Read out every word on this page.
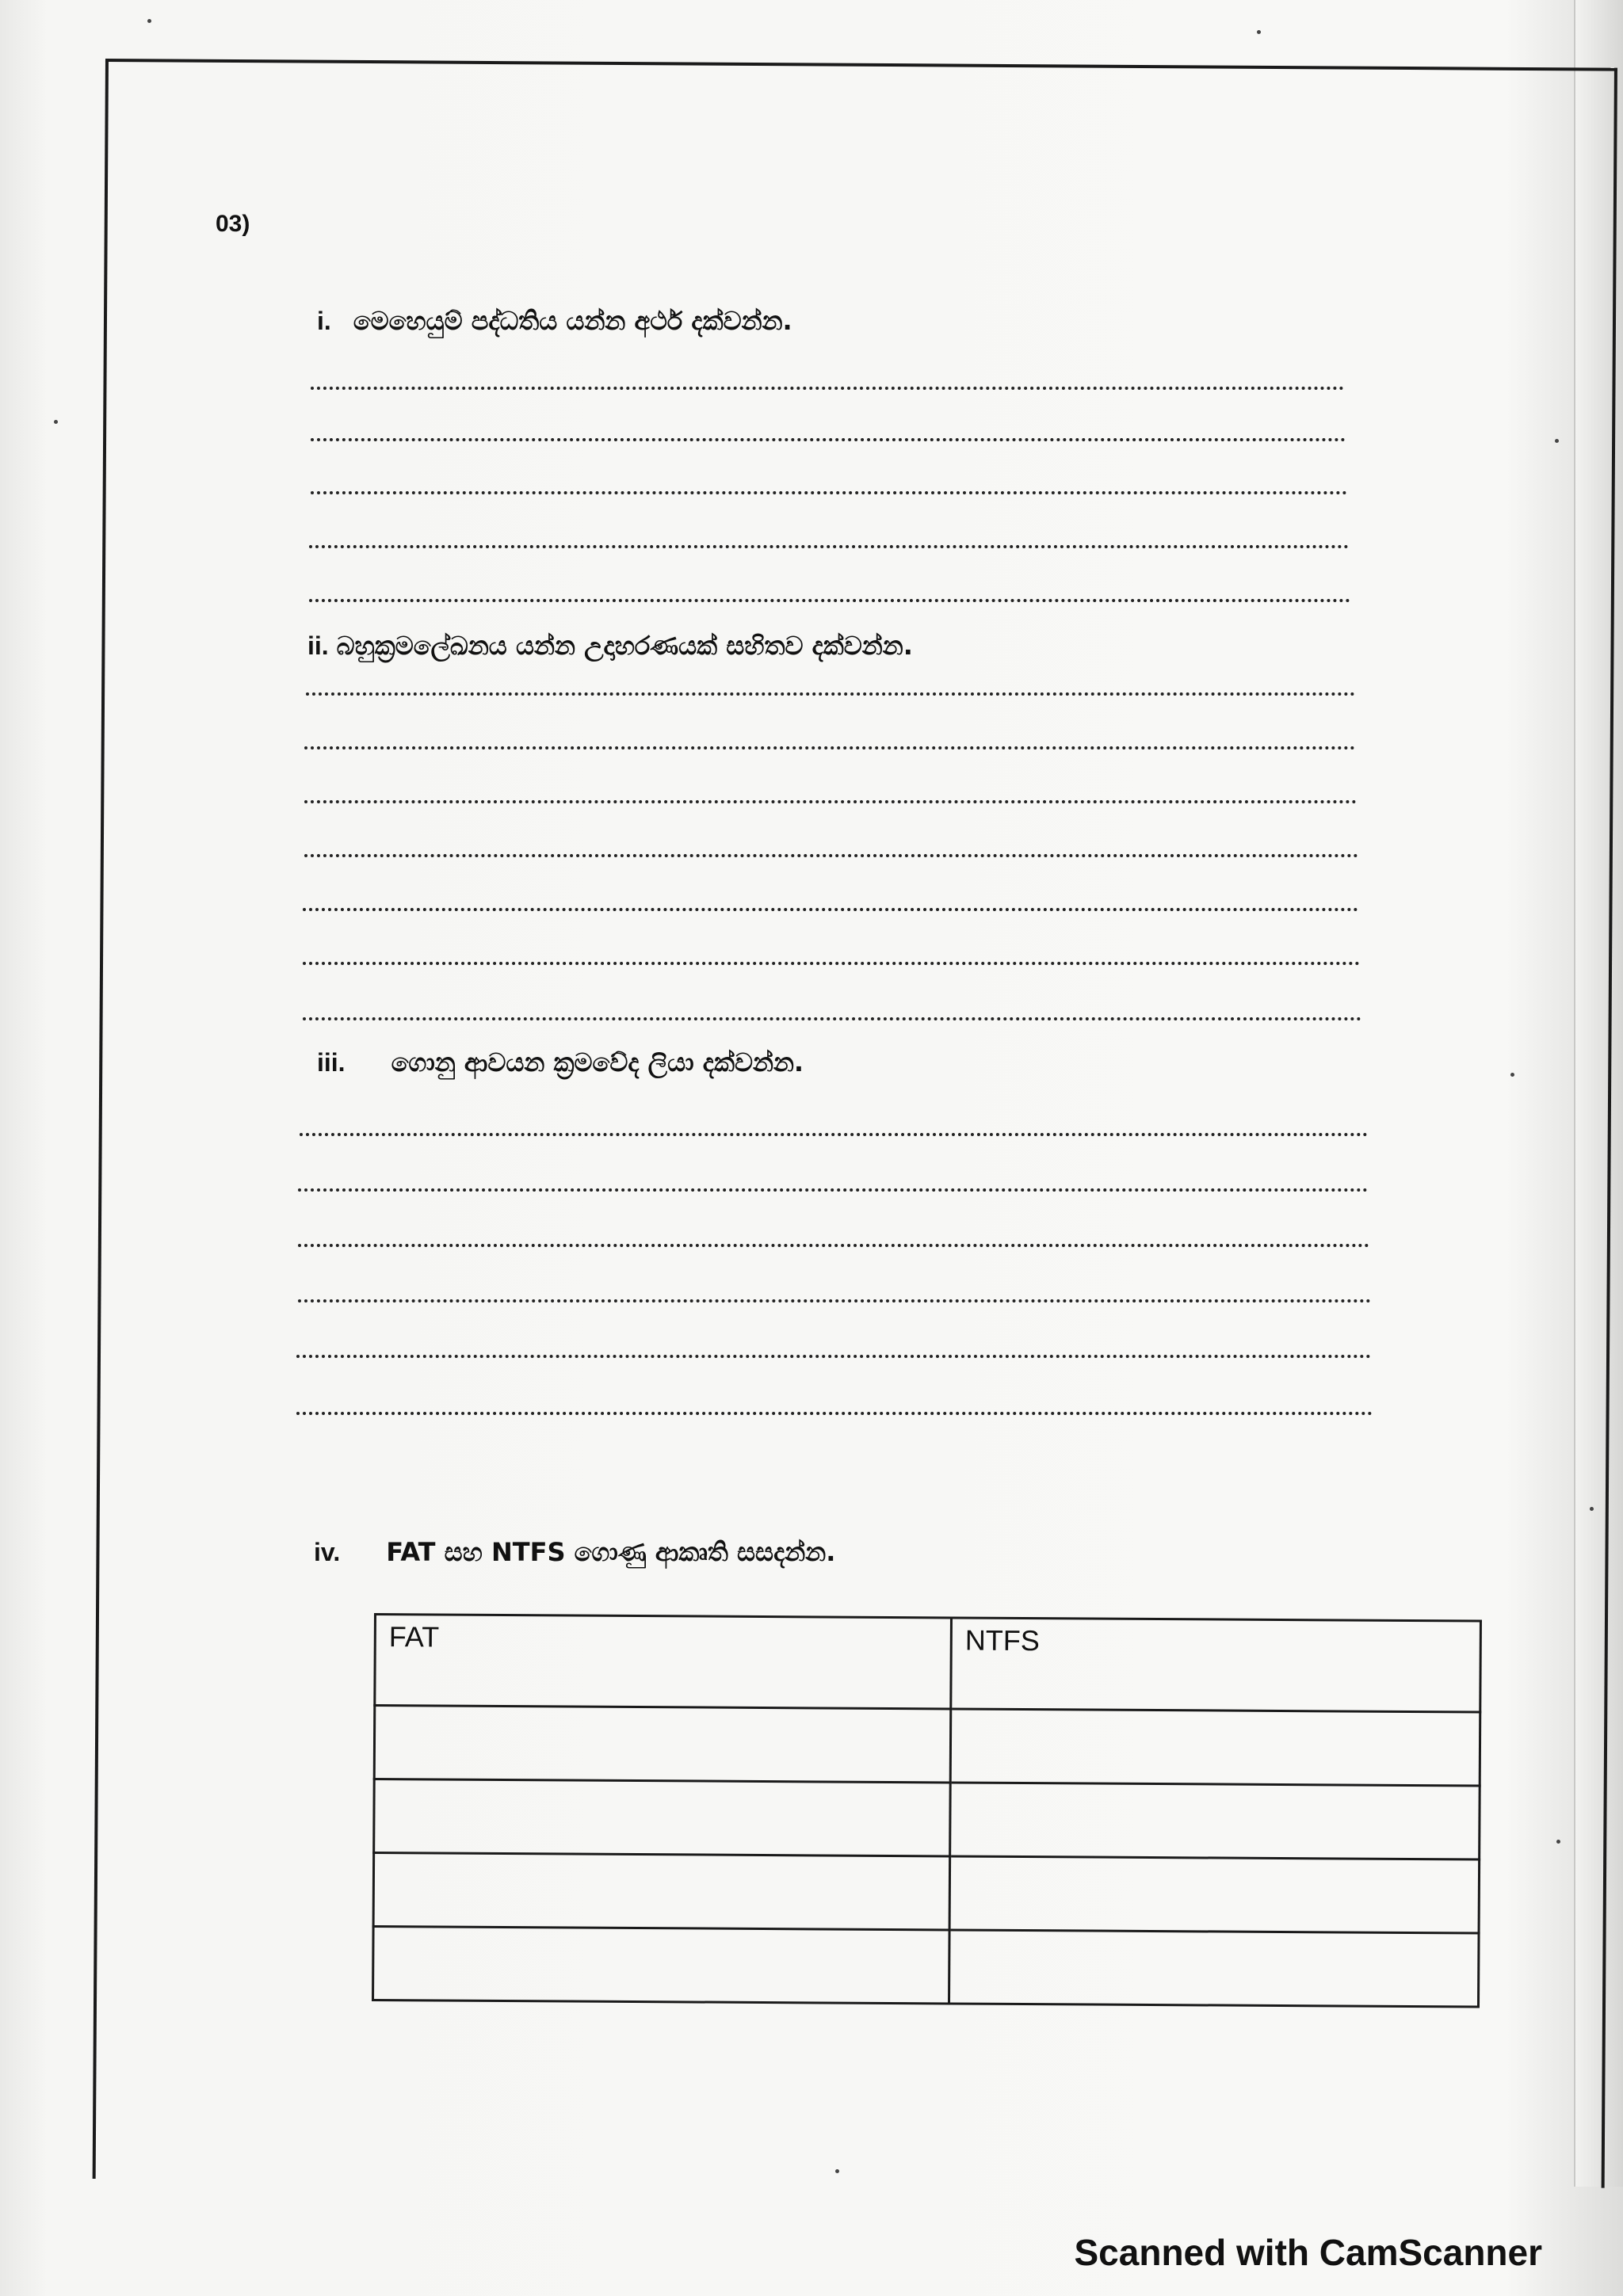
03)
i. මෙහෙයුම් පද්ධතිය යන්න අර්ථ දක්වන්න.
ii. බහුක්‍රමලේඛනය යන්න උදාහරණයක් සහිතව දක්වන්න.
iii. ගොනු ආවයන ක්‍රමවේද ලියා දක්වන්න.
iv. FAT සහ NTFS ගොණු ආකෘති සසදන්න.
FAT	NTFS

Scanned with CamScanner
